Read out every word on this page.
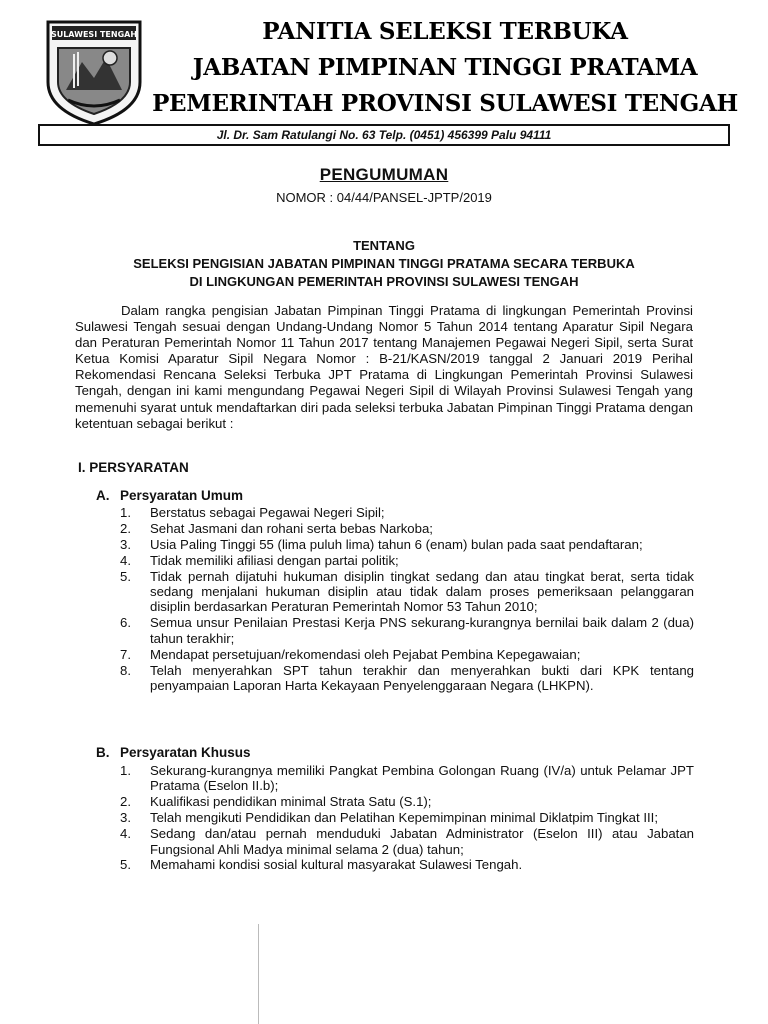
SULAWESI TENGAH	PANITIA SELEKSI TERBUKA
JABATAN PIMPINAN TINGGI PRATAMA
PEMERINTAH PROVINSI SULAWESI TENGAH
Jl. Dr. Sam Ratulangi No. 63 Telp. (0451) 456399 Palu 94111
PENGUMUMAN
NOMOR : 04/44/PANSEL-JPTP/2019
TENTANG
SELEKSI PENGISIAN JABATAN PIMPINAN TINGGI PRATAMA SECARA TERBUKA
DI LINGKUNGAN PEMERINTAH PROVINSI SULAWESI TENGAH
Dalam rangka pengisian Jabatan Pimpinan Tinggi Pratama di lingkungan Pemerintah Provinsi Sulawesi Tengah sesuai dengan Undang-Undang Nomor 5 Tahun 2014 tentang Aparatur Sipil Negara dan Peraturan Pemerintah Nomor 11 Tahun 2017 tentang Manajemen Pegawai Negeri Sipil, serta Surat Ketua Komisi Aparatur Sipil Negara Nomor : B-21/KASN/2019 tanggal 2 Januari 2019 Perihal Rekomendasi Rencana Seleksi Terbuka JPT Pratama di Lingkungan Pemerintah Provinsi Sulawesi Tengah, dengan ini kami mengundang Pegawai Negeri Sipil di Wilayah Provinsi Sulawesi Tengah yang memenuhi syarat untuk mendaftarkan diri pada seleksi terbuka Jabatan Pimpinan Tinggi Pratama dengan ketentuan sebagai berikut :
I. PERSYARATAN
A. Persyaratan Umum
1.	Berstatus sebagai Pegawai Negeri Sipil;
2.	Sehat Jasmani dan rohani serta bebas Narkoba;
3.	Usia Paling Tinggi 55 (lima puluh lima) tahun 6 (enam) bulan pada saat pendaftaran;
4.	Tidak memiliki afiliasi dengan partai politik;
5.	Tidak pernah dijatuhi hukuman disiplin tingkat sedang dan atau tingkat berat, serta tidak sedang menjalani hukuman disiplin atau tidak dalam proses pemeriksaan pelanggaran disiplin berdasarkan Peraturan Pemerintah Nomor 53 Tahun 2010;
6.	Semua unsur Penilaian Prestasi Kerja PNS sekurang-kurangnya bernilai baik dalam 2 (dua) tahun terakhir;
7.	Mendapat persetujuan/rekomendasi oleh Pejabat Pembina Kepegawaian;
8.	Telah menyerahkan SPT tahun terakhir dan menyerahkan bukti dari KPK tentang penyampaian Laporan Harta Kekayaan Penyelenggaraan Negara (LHKPN).
B. Persyaratan Khusus
1.	Sekurang-kurangnya memiliki Pangkat Pembina Golongan Ruang (IV/a) untuk Pelamar JPT Pratama (Eselon II.b);
2.	Kualifikasi pendidikan minimal Strata Satu (S.1);
3.	Telah mengikuti Pendidikan dan Pelatihan Kepemimpinan minimal Diklatpim Tingkat III;
4.	Sedang dan/atau pernah menduduki Jabatan Administrator (Eselon III) atau Jabatan Fungsional Ahli Madya minimal selama 2 (dua) tahun;
5.	Memahami kondisi sosial kultural masyarakat Sulawesi Tengah.
